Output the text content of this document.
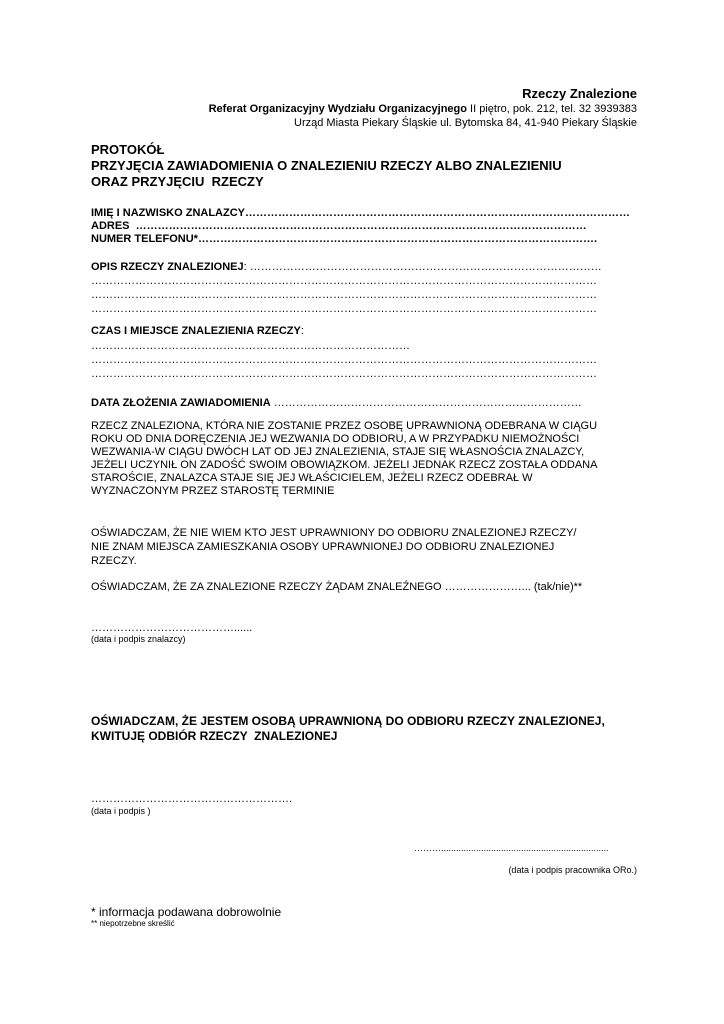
Rzeczy Znalezione
Referat Organizacyjny Wydziału Organizacyjnego II piętro, pok. 212, tel. 32 3939383
Urząd Miasta Piekary Śląskie ul. Bytomska 84, 41-940 Piekary Śląskie
PROTOKÓŁ
PRZYJĘCIA ZAWIADOMIENIA O ZNALEZIENIU RZECZY ALBO ZNALEZIENIU
ORAZ PRZYJĘCIU  RZECZY
IMIĘ I NAZWISKO ZNALAZCY……………………………………………………………………………………………
ADRES  ……………………………………………………………………………………………………………
NUMER TELEFONU*……………………………………………………………………………………………….
OPIS RZECZY ZNALEZIONEJ: ……………………………………………………………………………………
…………………………………………………………………………………………………………………………
…………………………………………………………………………………………………………………………
…………………………………………………………………………………………………………………………
CZAS I MIEJSCE ZNALEZIENIA RZECZY:
……………………………………………………………………………
…………………………………………………………………………………………………………………………
…………………………………………………………………………………………………………………………
DATA ZŁOŻENIA ZAWIADOMIENIA …………………………………………………………………………
RZECZ ZNALEZIONA, KTÓRA NIE ZOSTANIE PRZEZ OSOBĘ UPRAWNIONĄ ODEBRANA W CIĄGU
ROKU OD DNIA DORĘCZENIA JEJ WEZWANIA DO ODBIORU, A W PRZYPADKU NIEMOŻNOŚCI
WEZWANIA-W CIĄGU DWÓCH LAT OD JEJ ZNALEZIENIA, STAJE SIĘ WŁASNOŚCIA ZNALAZCY,
JEŻELI UCZYNIŁ ON ZADOŚĆ SWOIM OBOWIĄZKOM. JEŻELI JEDNAK RZECZ ZOSTAŁA ODDANA
STAROŚCIE, ZNALAZCA STAJE SIĘ JEJ WŁAŚCICIELEM, JEŻELI RZECZ ODEBRAŁ W
WYZNACZONYM PRZEZ STAROSTĘ TERMINIE
OŚWIADCZAM, ŻE NIE WIEM KTO JEST UPRAWNIONY DO ODBIORU ZNALEZIONEJ RZECZY/
NIE ZNAM MIEJSCA ZAMIESZKANIA OSOBY UPRAWNIONEJ DO ODBIORU ZNALEZIONEJ
RZECZY.
OŚWIADCZAM, ŻE ZA ZNALEZIONE RZECZY ŻĄDAM ZNALEŹNEGO …………………... (tak/nie)**
…………………………………......
(data i podpis znalazcy)
OŚWIADCZAM, ŻE JESTEM OSOBĄ UPRAWNIONĄ DO ODBIORU RZECZY ZNALEZIONEJ,
KWITUJĘ ODBIÓR RZECZY  ZNALEZIONEJ
……………………………………………….
(data i podpis )
………...................................................................
(data i podpis pracownika ORo.)
* informacja podawana dobrowolnie
** niepotrzebne skreślić
